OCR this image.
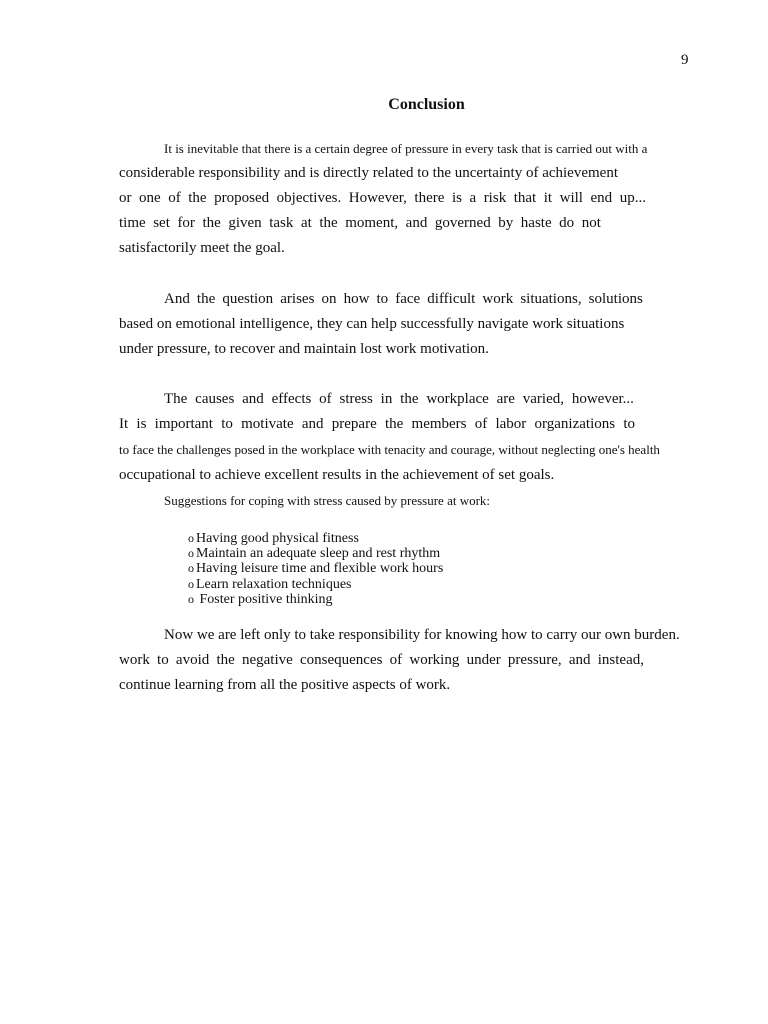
9
Conclusion
It is inevitable that there is a certain degree of pressure in every task that is carried out with a
considerable responsibility and is directly related to the uncertainty of achievement
or one of the proposed objectives. However, there is a risk that it will end up...
time set for the given task at the moment, and governed by haste do not
satisfactorily meet the goal.
And the question arises on how to face difficult work situations, solutions
based on emotional intelligence, they can help successfully navigate work situations
under pressure, to recover and maintain lost work motivation.
The causes and effects of stress in the workplace are varied, however...
It is important to motivate and prepare the members of labor organizations to
to face the challenges posed in the workplace with tenacity and courage, without neglecting one's health
occupational to achieve excellent results in the achievement of set goals.
Suggestions for coping with stress caused by pressure at work:
o Having good physical fitness
o Maintain an adequate sleep and rest rhythm
o Having leisure time and flexible work hours
o Learn relaxation techniques
o Foster positive thinking
Now we are left only to take responsibility for knowing how to carry our own burden.
work to avoid the negative consequences of working under pressure, and instead,
continue learning from all the positive aspects of work.
